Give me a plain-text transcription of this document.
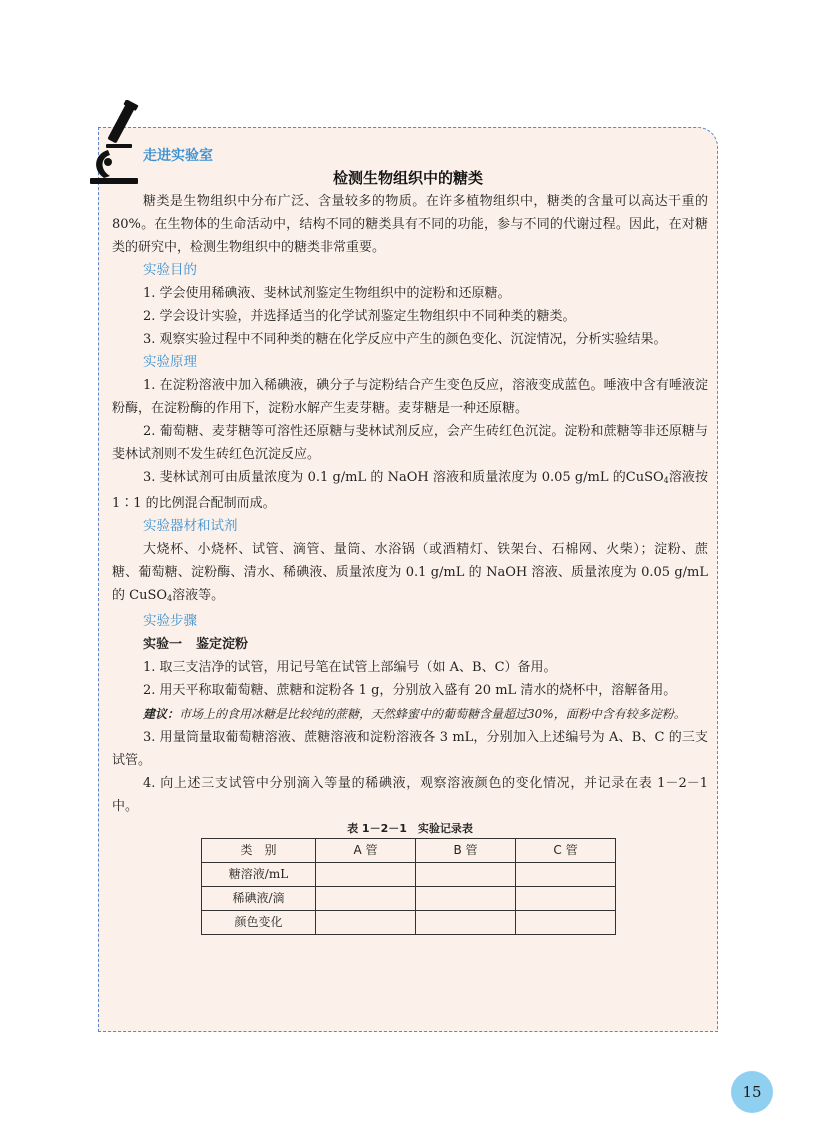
走进实验室
检测生物组织中的糖类

糖类是生物组织中分布广泛、含量较多的物质。在许多植物组织中，糖类的含量可以高达干重的80%。在生物体的生命活动中，结构不同的糖类具有不同的功能，参与不同的代谢过程。因此，在对糖类的研究中，检测生物组织中的糖类非常重要。

实验目的

1. 学会使用稀碘液、斐林试剂鉴定生物组织中的淀粉和还原糖。

2. 学会设计实验，并选择适当的化学试剂鉴定生物组织中不同种类的糖类。

3. 观察实验过程中不同种类的糖在化学反应中产生的颜色变化、沉淀情况，分析实验结果。

实验原理

1. 在淀粉溶液中加入稀碘液，碘分子与淀粉结合产生变色反应，溶液变成蓝色。唾液中含有唾液淀粉酶，在淀粉酶的作用下，淀粉水解产生麦芽糖。麦芽糖是一种还原糖。

2. 葡萄糖、麦芽糖等可溶性还原糖与斐林试剂反应，会产生砖红色沉淀。淀粉和蔗糖等非还原糖与斐林试剂则不发生砖红色沉淀反应。

3. 斐林试剂可由质量浓度为 0.1 g/mL 的 NaOH 溶液和质量浓度为 0.05 g/mL 的CuSO$_4$溶液按 1∶1 的比例混合配制而成。

实验器材和试剂

大烧杯、小烧杯、试管、滴管、量筒、水浴锅（或酒精灯、铁架台、石棉网、火柴）；淀粉、蔗糖、葡萄糖、淀粉酶、清水、稀碘液、质量浓度为 0.1 g/mL 的 NaOH 溶液、质量浓度为 0.05 g/mL 的 CuSO$_4$溶液等。

实验步骤

实验一 鉴定淀粉

1. 取三支洁净的试管，用记号笔在试管上部编号（如 A、B、C）备用。

2. 用天平称取葡萄糖、蔗糖和淀粉各 1 g，分别放入盛有 20 mL 清水的烧杯中，溶解备用。

建议：市场上的食用冰糖是比较纯的蔗糖，天然蜂蜜中的葡萄糖含量超过30%，面粉中含有较多淀粉。

3. 用量筒量取葡萄糖溶液、蔗糖溶液和淀粉溶液各 3 mL，分别加入上述编号为 A、B、C 的三支试管。

4. 向上述三支试管中分别滴入等量的稀碘液，观察溶液颜色的变化情况，并记录在表 1－2－1 中。

表 1－2－1　实验记录表
类　别	A 管	B 管	C 管
糖溶液/mL			
稀碘液/滴			
颜色变化			
15
